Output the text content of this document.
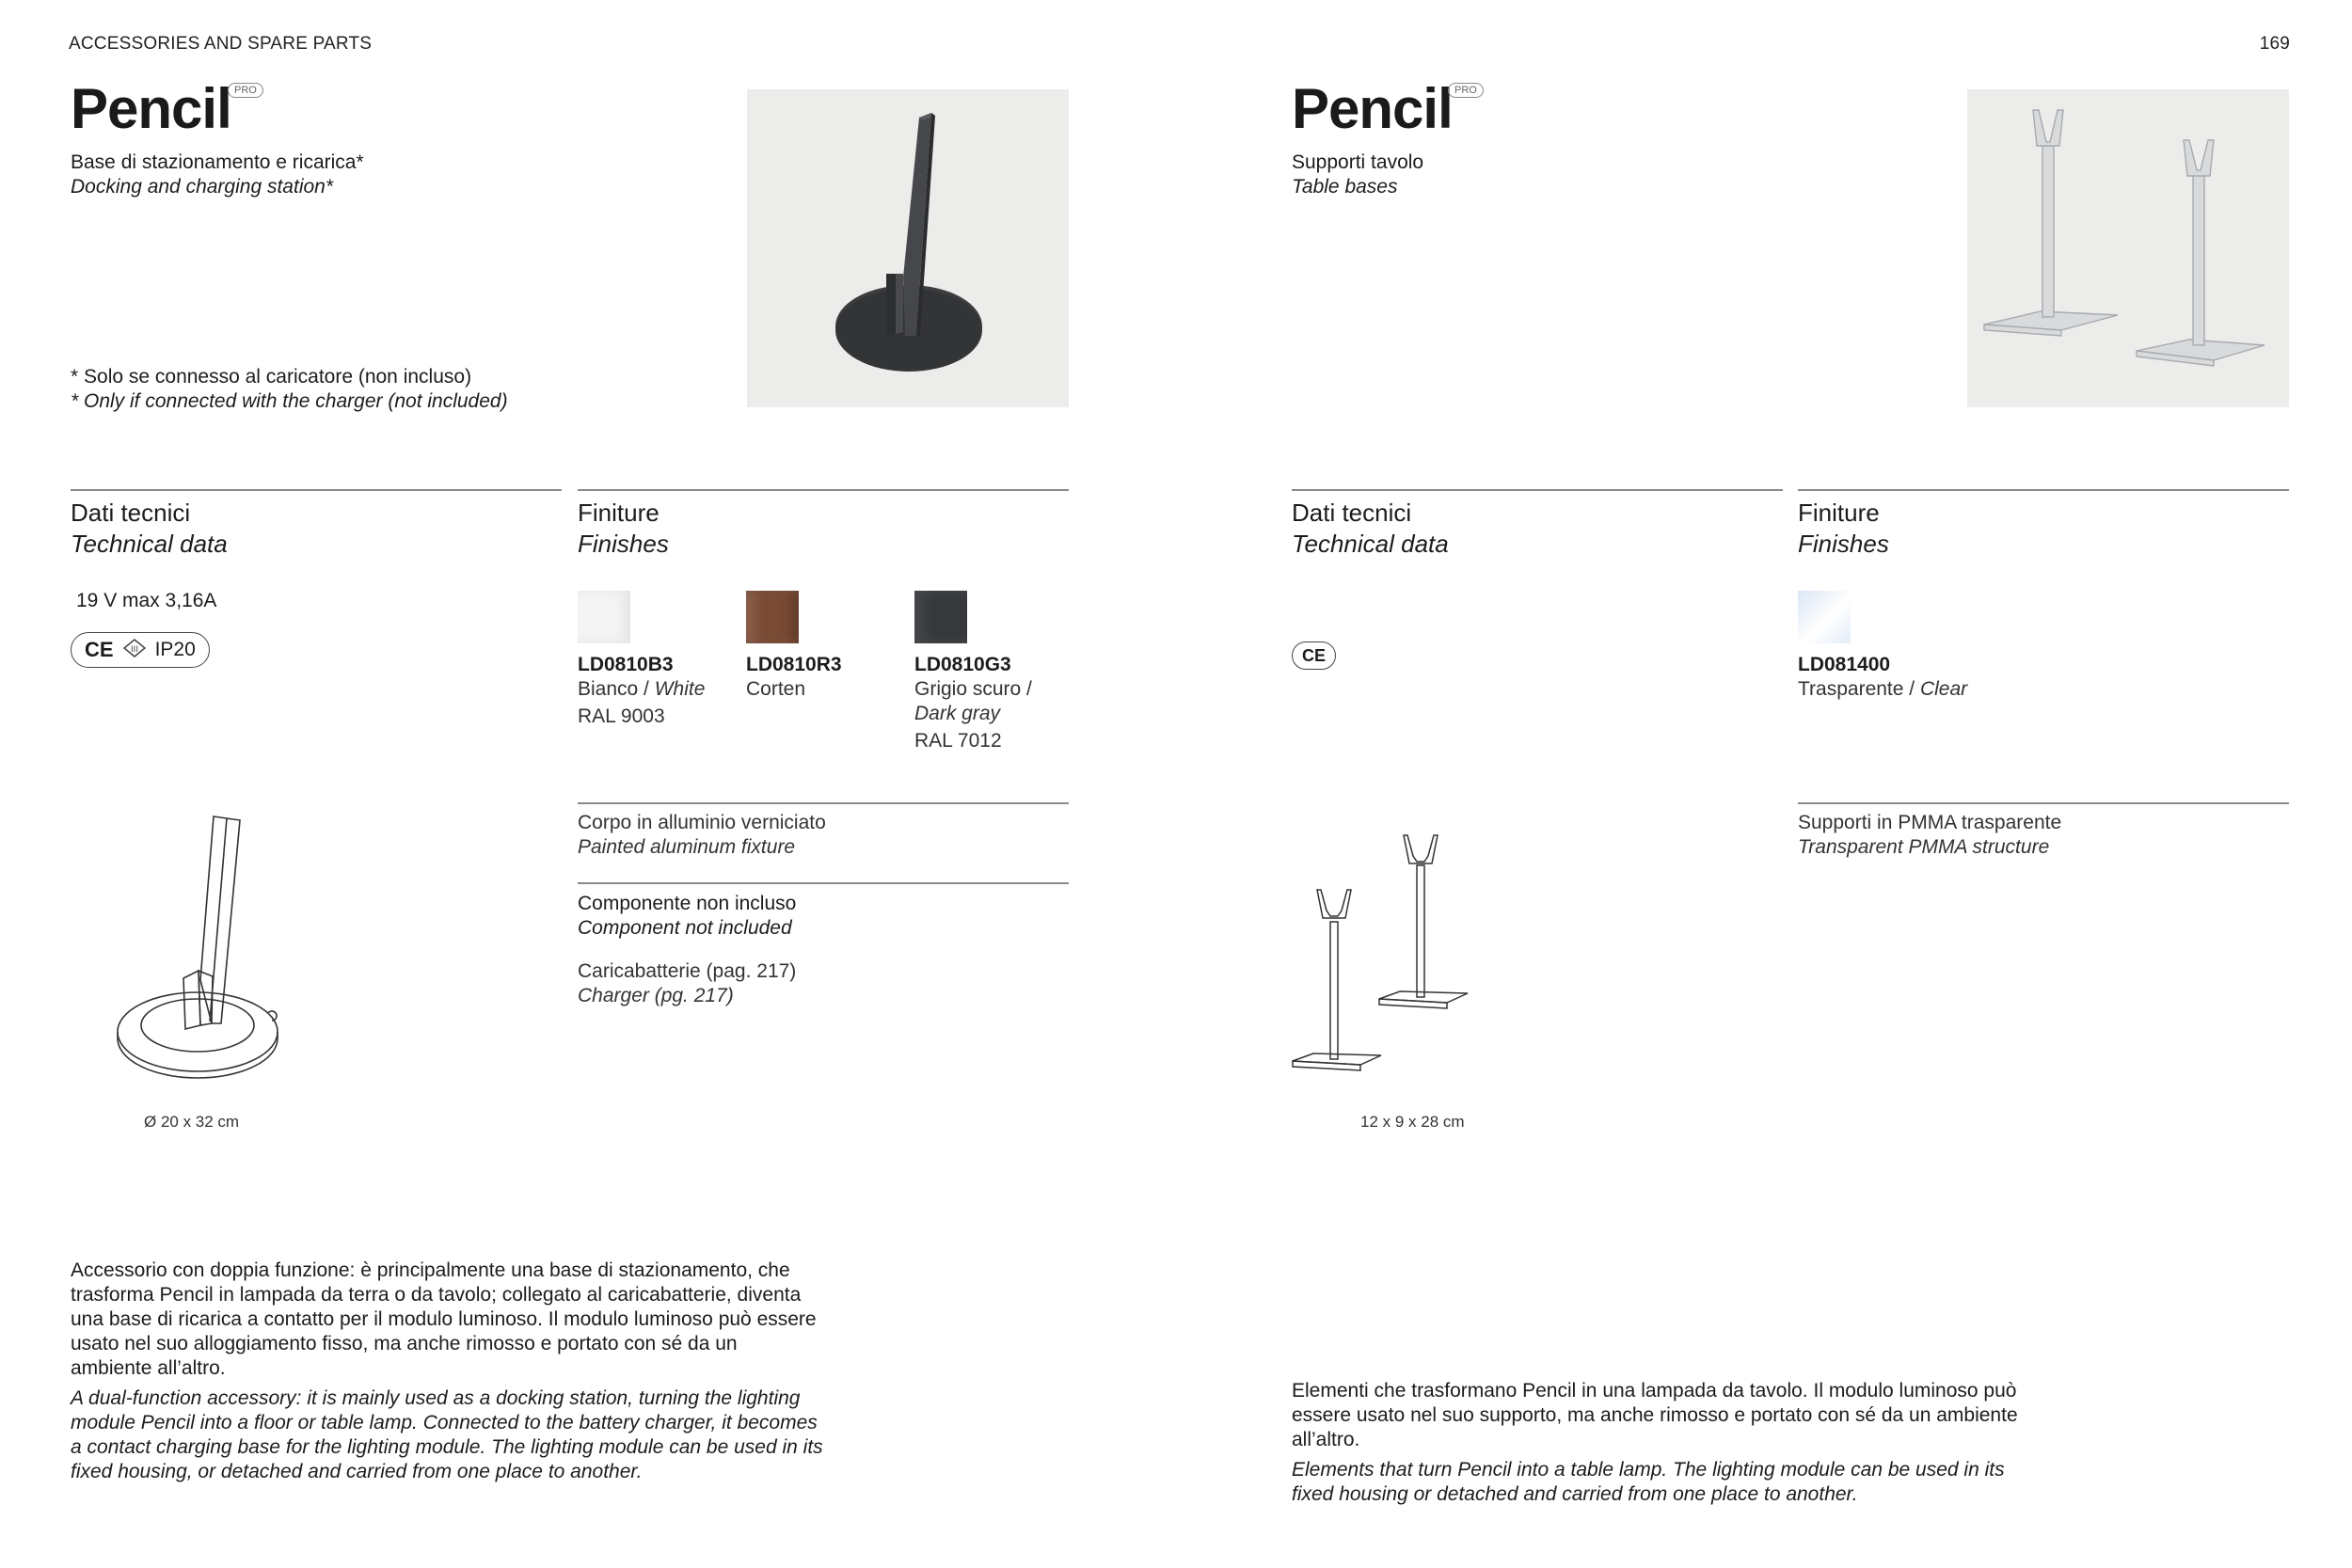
ACCESSORIES AND SPARE PARTS	169
Pencil PRO
Base di stazionamento e ricarica*
Docking and charging station*
* Solo se connesso al caricatore (non incluso)
* Only if connected with the charger (not included)
Dati tecnici
Technical data
19 V max 3,16A
CE III IP20
Finiture
Finishes
LD0810B3
Bianco / White
RAL 9003
LD0810R3
Corten
LD0810G3
Grigio scuro /
Dark gray
RAL 7012
Corpo in alluminio verniciato
Painted aluminum fixture
Componente non incluso
Component not included
Caricabatterie (pag. 217)
Charger (pg. 217)
Ø 20 x 32 cm
Accessorio con doppia funzione: è principalmente una base di stazionamento, che trasforma Pencil in lampada da terra o da tavolo; collegato al caricabatterie, diventa una base di ricarica a contatto per il modulo luminoso. Il modulo luminoso può essere usato nel suo alloggiamento fisso, ma anche rimosso e portato con sé da un ambiente all’altro.
A dual-function accessory: it is mainly used as a docking station, turning the lighting module Pencil into a floor or table lamp. Connected to the battery charger, it becomes a contact charging base for the lighting module. The lighting module can be used in its fixed housing, or detached and carried from one place to another.
Pencil PRO
Supporti tavolo
Table bases
Dati tecnici
Technical data
CE
Finiture
Finishes
LD081400
Trasparente / Clear
Supporti in PMMA trasparente
Transparent PMMA structure
12 x 9 x 28 cm
Elementi che trasformano Pencil in una lampada da tavolo. Il modulo luminoso può essere usato nel suo supporto, ma anche rimosso e portato con sé da un ambiente all’altro.
Elements that turn Pencil into a table lamp. The lighting module can be used in its fixed housing or detached and carried from one place to another.
